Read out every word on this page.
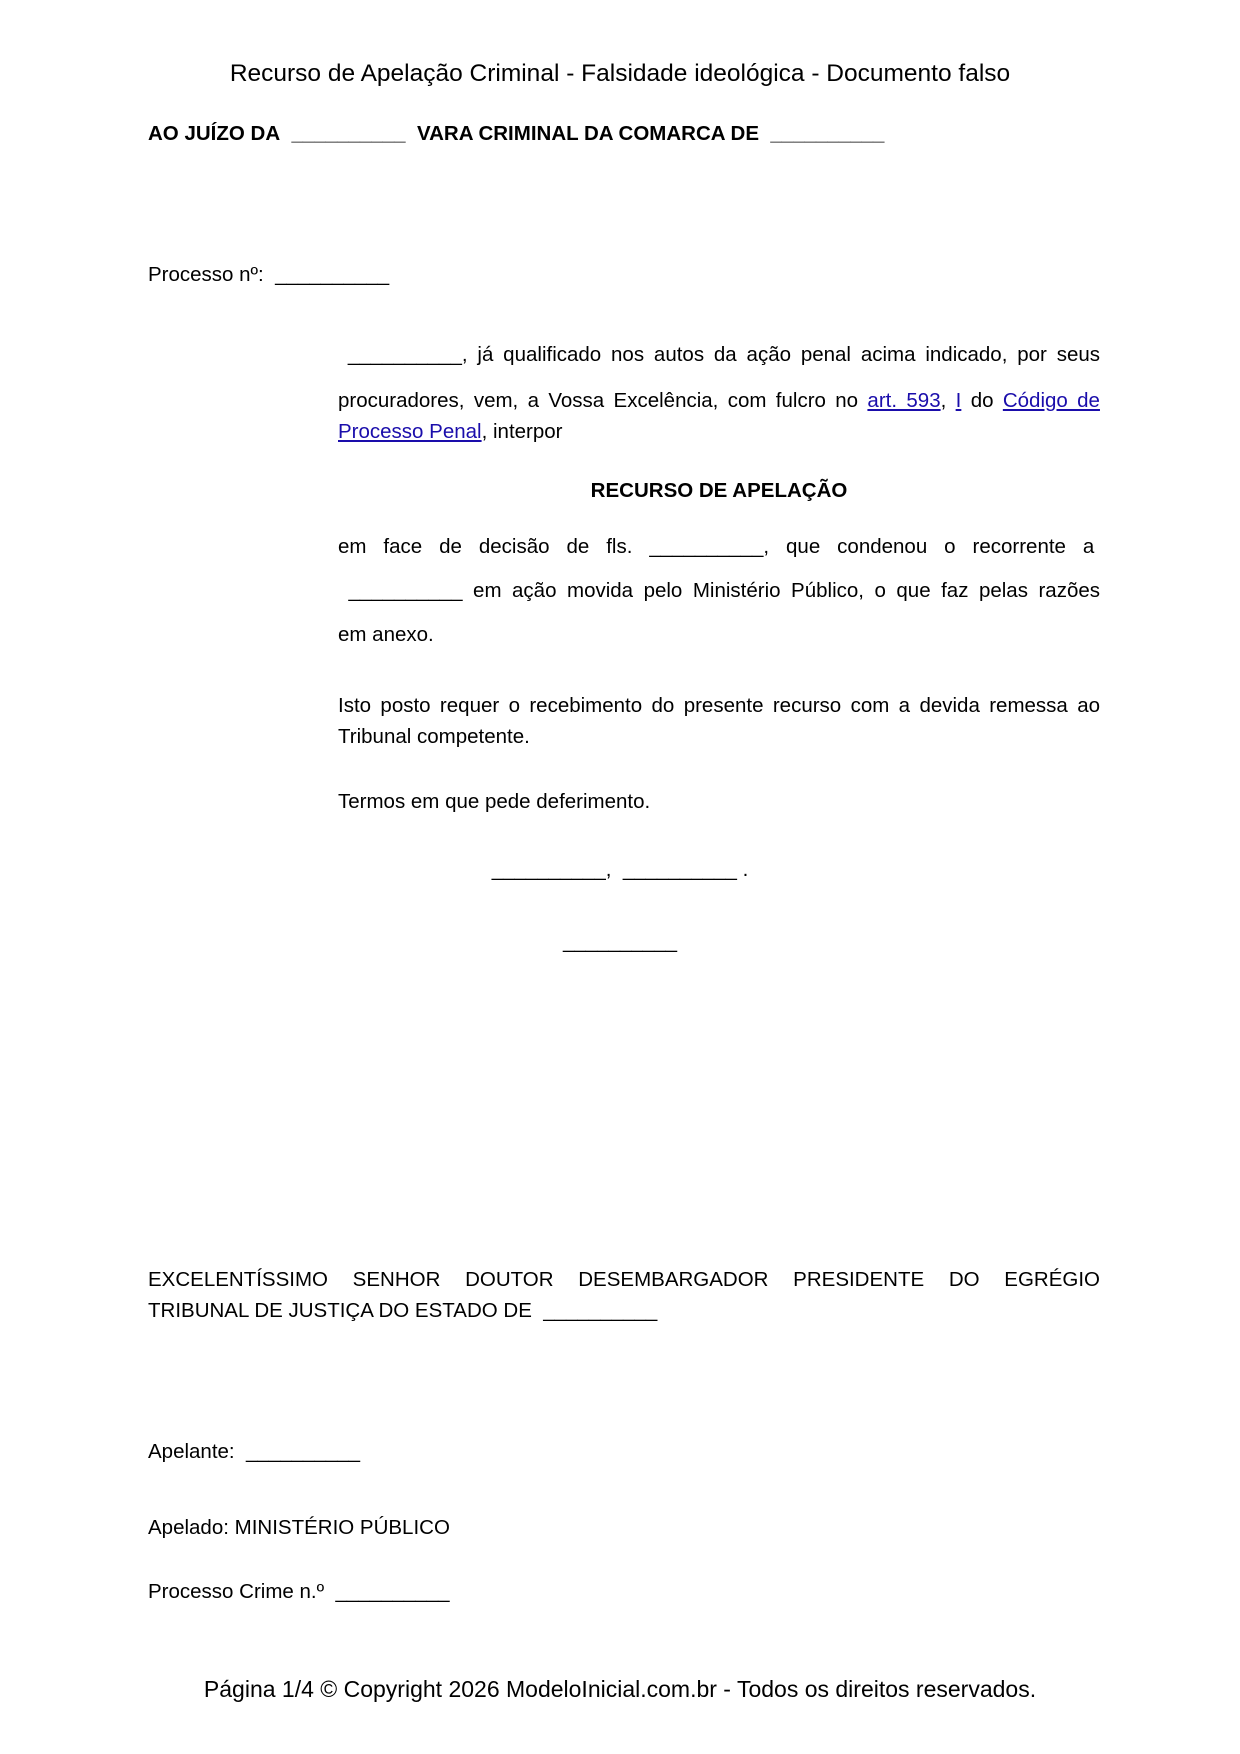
Recurso de Apelação Criminal - Falsidade ideológica - Documento falso

AO JUÍZO DA __________ VARA CRIMINAL DA COMARCA DE __________

Processo nº: __________

__________, já qualificado nos autos da ação penal acima indicado, por seus
procuradores, vem, a Vossa Excelência, com fulcro no art. 593, I do Código de Processo Penal, interpor

RECURSO DE APELAÇÃO

em face de decisão de fls. __________, que condenou o recorrente a
__________ em ação movida pelo Ministério Público, o que faz pelas razões
em anexo.
Isto posto requer o recebimento do presente recurso com a devida remessa ao Tribunal competente.
Termos em que pede deferimento.

__________, __________ .

__________

EXCELENTÍSSIMO SENHOR DOUTOR DESEMBARGADOR PRESIDENTE DO EGRÉGIO
TRIBUNAL DE JUSTIÇA DO ESTADO DE __________

Apelante: __________

Apelado: MINISTÉRIO PÚBLICO

Processo Crime n.º __________

Página 1/4 © Copyright 2026 ModeloInicial.com.br - Todos os direitos reservados.
